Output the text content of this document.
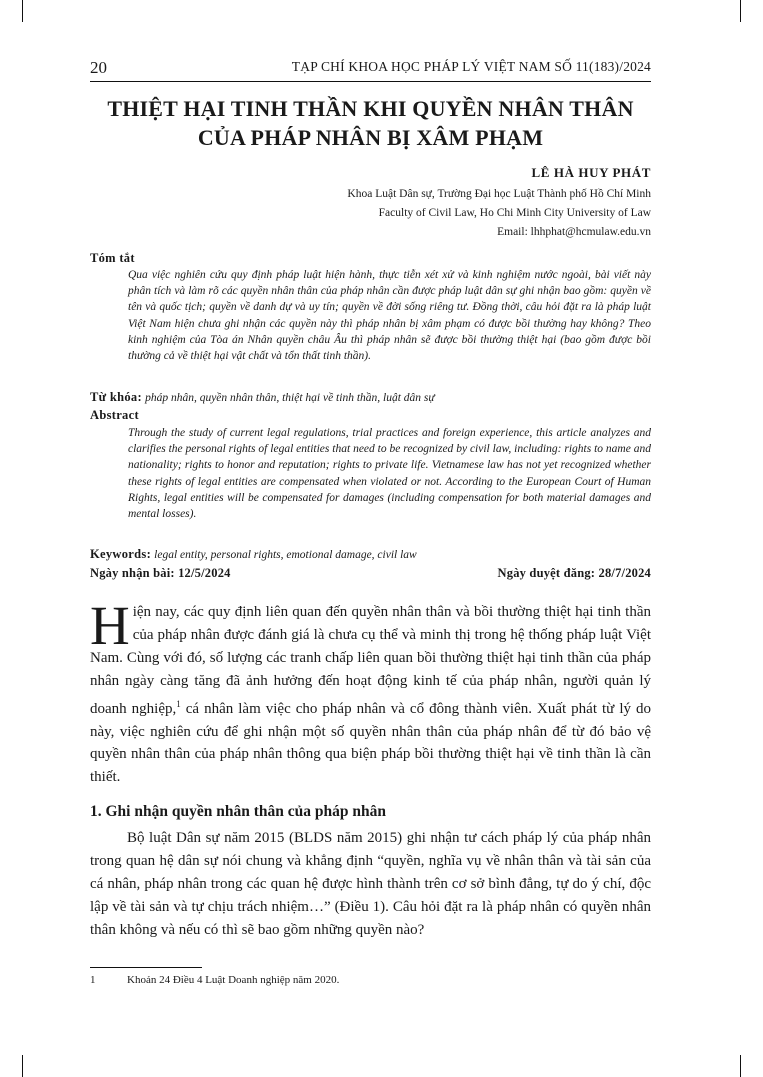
20	TẠP CHÍ KHOA HỌC PHÁP LÝ VIỆT NAM SỐ 11(183)/2024
THIỆT HẠI TINH THẦN KHI QUYỀN NHÂN THÂN
CỦA PHÁP NHÂN BỊ XÂM PHẠM
LÊ HÀ HUY PHÁT
Khoa Luật Dân sự, Trường Đại học Luật Thành phố Hồ Chí Minh
Faculty of Civil Law, Ho Chi Minh City University of Law
Email: lhhphat@hcmulaw.edu.vn
Tóm tắt

Qua việc nghiên cứu quy định pháp luật hiện hành, thực tiễn xét xử và kinh nghiệm nước ngoài, bài viết này phân tích và làm rõ các quyền nhân thân của pháp nhân cần được pháp luật dân sự ghi nhận bao gồm: quyền về tên và quốc tịch; quyền về danh dự và uy tín; quyền về đời sống riêng tư. Đồng thời, câu hỏi đặt ra là pháp luật Việt Nam hiện chưa ghi nhận các quyền này thì pháp nhân bị xâm phạm có được bồi thường hay không? Theo kinh nghiệm của Tòa án Nhân quyền châu Âu thì pháp nhân sẽ được bồi thường thiệt hại (bao gồm được bồi thường cả về thiệt hại vật chất và tổn thất tinh thần).

Từ khóa: pháp nhân, quyền nhân thân, thiệt hại về tinh thần, luật dân sự
Abstract

Through the study of current legal regulations, trial practices and foreign experience, this article analyzes and clarifies the personal rights of legal entities that need to be recognized by civil law, including: rights to name and nationality; rights to honor and reputation; rights to private life. Vietnamese law has not yet recognized whether these rights of legal entities are compensated when violated or not. According to the European Court of Human Rights, legal entities will be compensated for damages (including compensation for both material damages and mental losses).

Keywords: legal entity, personal rights, emotional damage, civil law
Ngày nhận bài: 12/5/2024	Ngày duyệt đăng: 28/7/2024

Hiện nay, các quy định liên quan đến quyền nhân thân và bồi thường thiệt hại tinh thần của pháp nhân được đánh giá là chưa cụ thể và minh thị trong hệ thống pháp luật Việt Nam. Cùng với đó, số lượng các tranh chấp liên quan bồi thường thiệt hại tinh thần của pháp nhân ngày càng tăng đã ảnh hưởng đến hoạt động kinh tế của pháp nhân, người quản lý doanh nghiệp,$^1$ cá nhân làm việc cho pháp nhân và cổ đông thành viên. Xuất phát từ lý do này, việc nghiên cứu để ghi nhận một số quyền nhân thân của pháp nhân để từ đó bảo vệ quyền nhân thân của pháp nhân thông qua biện pháp bồi thường thiệt hại về tinh thần là cần thiết.

1. Ghi nhận quyền nhân thân của pháp nhân

Bộ luật Dân sự năm 2015 (BLDS năm 2015) ghi nhận tư cách pháp lý của pháp nhân trong quan hệ dân sự nói chung và khẳng định “quyền, nghĩa vụ về nhân thân và tài sản của cá nhân, pháp nhân trong các quan hệ được hình thành trên cơ sở bình đẳng, tự do ý chí, độc lập về tài sản và tự chịu trách nhiệm…” (Điều 1). Câu hỏi đặt ra là pháp nhân có quyền nhân thân không và nếu có thì sẽ bao gồm những quyền nào?

1	Khoản 24 Điều 4 Luật Doanh nghiệp năm 2020.
